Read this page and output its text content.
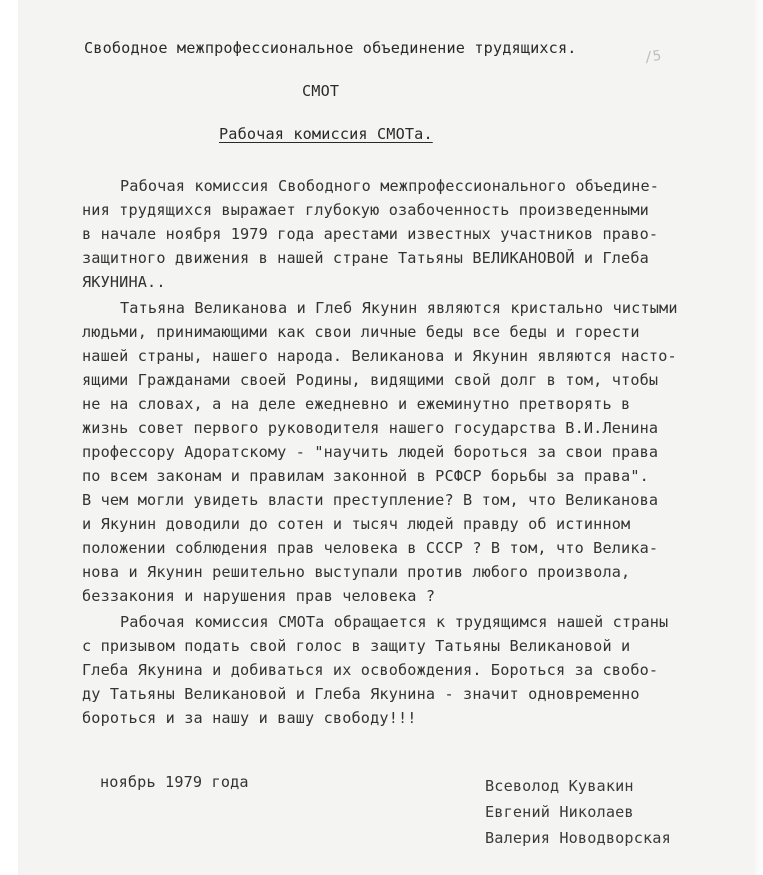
/5

Свободное межпрофессиональное объединение трудящихся.

СМОТ

Рабочая комиссия СМОТа.

Рабочая комиссия Свободного межпрофессионального объедине-

ния трудящихся выражает глубокую озабоченность произведенными

в начале ноября 1979 года арестами известных участников право-

защитного движения в нашей стране Татьяны ВЕЛИКАНОВОЙ и Глеба

ЯКУНИНА..

Татьяна Великанова и Глеб Якунин являются кристально чистыми

людьми, принимающими как свои личные беды все беды и горести

нашей страны, нашего народа. Великанова и Якунин являются насто-

ящими Гражданами своей Родины, видящими свой долг в том, чтобы

не на словах, а на деле ежедневно и ежеминутно претворять в

жизнь совет первого руководителя нашего государства В.И.Ленина

профессору Адоратскому - "научить людей бороться за свои права

по всем законам и правилам законной в РСФСР борьбы за права".

В чем могли увидеть власти преступление? В том, что Великанова

и Якунин доводили до сотен и тысяч людей правду об истинном

положении соблюдения прав человека в СССР ? В том, что Велика-

нова и Якунин решительно выступали против любого произвола,

беззакония и нарушения прав человека ?

Рабочая комиссия СМОТа обращается к трудящимся нашей страны

с призывом подать свой голос в защиту Татьяны Великановой и

Глеба Якунина и добиваться их освобождения. Бороться за свобо-

ду Татьяны Великановой и Глеба Якунина - значит одновременно

бороться и за нашу и вашу свободу!!!

ноябрь 1979 года	Всеволод Кувакин

Евгений Николаев

Валерия Новодворская
